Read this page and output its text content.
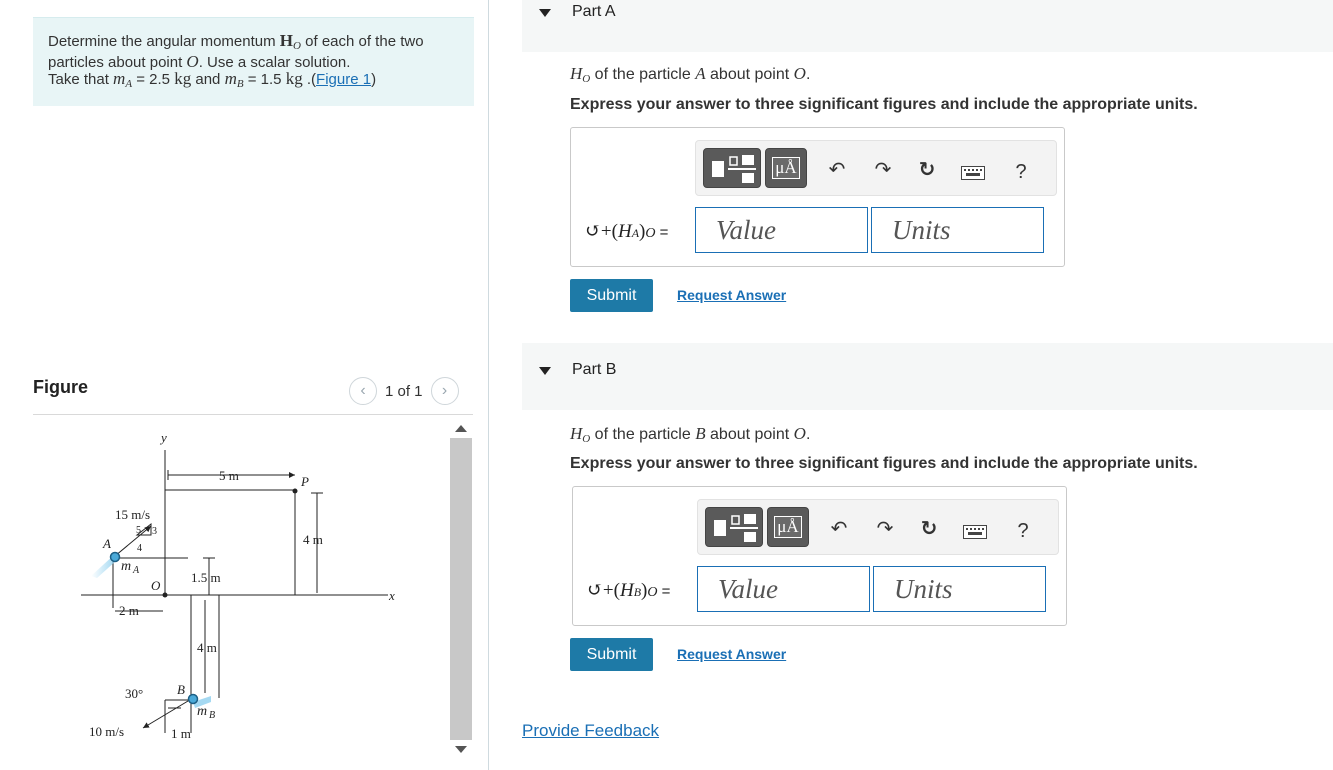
Determine the angular momentum $H_O$ of each of the two
particles about point O. Use a scalar solution.
Take that $m_A = 2.5$ kg and $m_B = 1.5$ kg .(Figure 1)
Figure	‹	1 of 1	›
y
x
5 m	P
4 m
15 m/s
5 3
4
A
m A
O
1.5 m
2 m
4 m
30°	B
m B
10 m/s	1 m
Part A
$H_O$ of the particle A about point O.
Express your answer to three significant figures and include the appropriate units.
μÅ ↶ ↷ ↻	?
↺+(HA)O =	Value	Units
Submit	Request Answer
Part B
$H_O$ of the particle B about point O.
Express your answer to three significant figures and include the appropriate units.
μÅ ↶ ↷ ↻	?
↺+(HB)O =	Value	Units
Submit	Request Answer
Provide Feedback
